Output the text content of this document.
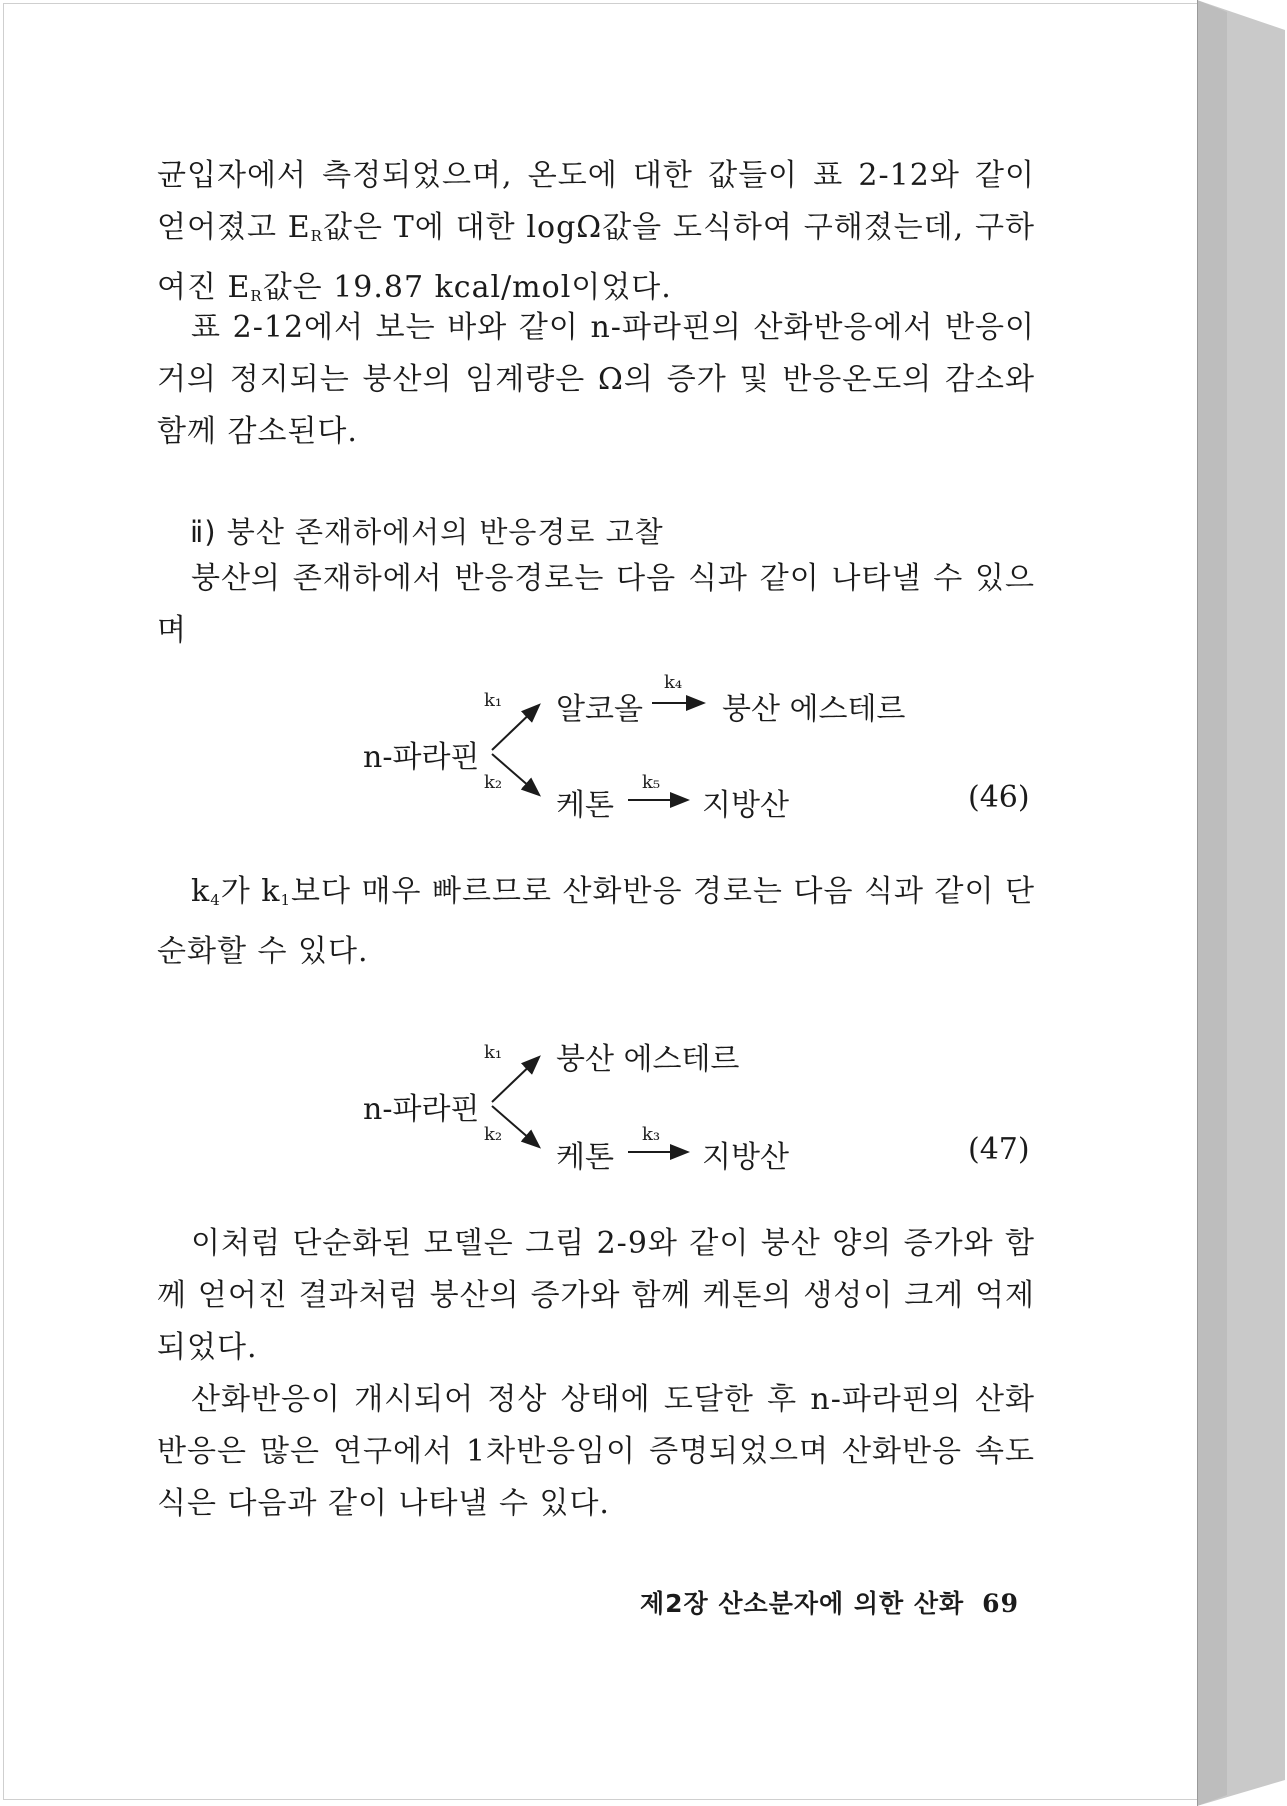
균입자에서 측정되었으며, 온도에 대한 값들이 표 2-12와 같이 얻어졌고 $E_R$값은 T에 대한 logΩ값을 도식하여 구해졌는데, 구하여진 $E_R$값은 19.87 kcal/mol이었다.

표 2-12에서 보는 바와 같이 n-파라핀의 산화반응에서 반응이 거의 정지되는 붕산의 임계량은 Ω의 증가 및 반응온도의 감소와 함께 감소된다.

ⅱ) 붕산 존재하에서의 반응경로 고찰

붕산의 존재하에서 반응경로는 다음 식과 같이 나타낼 수 있으며

n-파라핀
k₁
k₂
알코올
k₄
붕산 에스테르
케톤
k₅
지방산	(46)

$k_4$가 $k_1$보다 매우 빠르므로 산화반응 경로는 다음 식과 같이 단순화할 수 있다.

n-파라핀
k₁
k₂
붕산 에스테르
케톤
k₃
지방산	(47)

이처럼 단순화된 모델은 그림 2-9와 같이 붕산 양의 증가와 함께 얻어진 결과처럼 붕산의 증가와 함께 케톤의 생성이 크게 억제되었다.

산화반응이 개시되어 정상 상태에 도달한 후 n-파라핀의 산화반응은 많은 연구에서 1차반응임이 증명되었으며 산화반응 속도식은 다음과 같이 나타낼 수 있다.

제2장 산소분자에 의한 산화 69
